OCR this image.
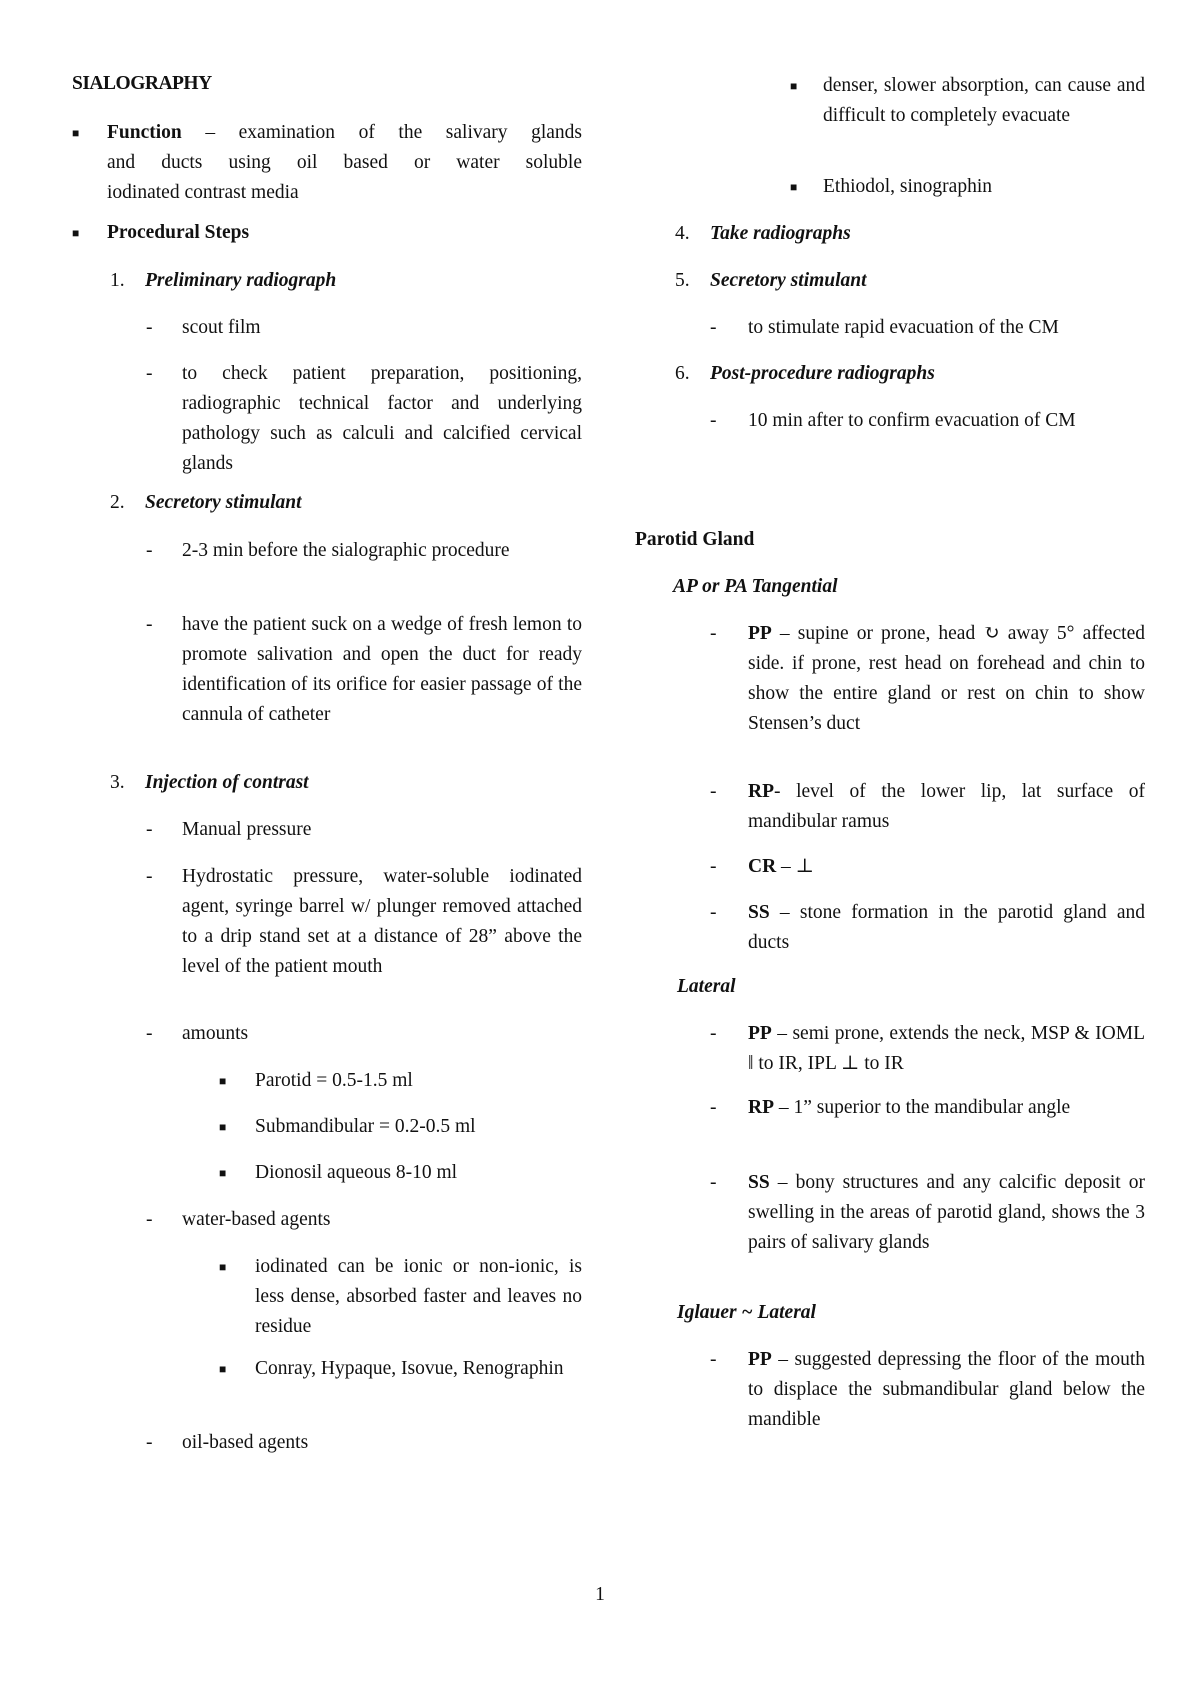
SIALOGRAPHY
■ Function – examination of the salivary glands
and ducts using oil based or water soluble
iodinated contrast media
■ Procedural Steps
1. Preliminary radiograph
- scout film
- to check patient preparation, positioning, radiographic technical factor and underlying pathology such as calculi and calcified cervical glands
2. Secretory stimulant
- 2-3 min before the sialographic procedure
- have the patient suck on a wedge of fresh lemon to promote salivation and open the duct for ready identification of its orifice for easier passage of the cannula of catheter
3. Injection of contrast
- Manual pressure
- Hydrostatic pressure, water-soluble iodinated agent, syringe barrel w/ plunger removed attached to a drip stand set at a distance of 28” above the level of the patient mouth
- amounts
■ Parotid = 0.5-1.5 ml
■ Submandibular = 0.2-0.5 ml
■ Dionosil aqueous 8-10 ml
- water-based agents
■ iodinated can be ionic or non-ionic, is less dense, absorbed faster and leaves no residue
■ Conray, Hypaque, Isovue, Renographin
- oil-based agents
■ denser, slower absorption, can cause and difficult to completely evacuate
■ Ethiodol, sinographin
4. Take radiographs
5. Secretory stimulant
- to stimulate rapid evacuation of the CM
6. Post-procedure radiographs
- 10 min after to confirm evacuation of CM
Parotid Gland
AP or PA Tangential
- PP – supine or prone, head ↻ away 5° affected side. if prone, rest head on forehead and chin to show the entire gland or rest on chin to show Stensen’s duct
- RP- level of the lower lip, lat surface of mandibular ramus
- CR – ⊥
- SS – stone formation in the parotid gland and ducts
Lateral
- PP – semi prone, extends the neck, MSP & IOML ǁ to IR, IPL ⊥ to IR
- RP – 1” superior to the mandibular angle
- SS – bony structures and any calcific deposit or swelling in the areas of parotid gland, shows the 3 pairs of salivary glands
Iglauer ~ Lateral
- PP – suggested depressing the floor of the mouth to displace the submandibular gland below the mandible
1
